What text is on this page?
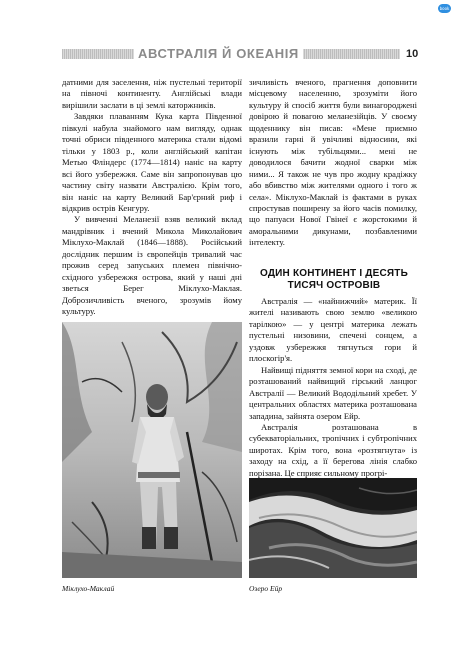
book
АВСТРАЛІЯ Й ОКЕАНІЯ	10

датними для заселення, ніж пустельні території на півночі континенту. Англійські влади вирішили заслати в ці землі каторжників.

Завдяки плаванням Кука карта Південної півкулі набула знайомого нам вигляду, однак точні обриси південного материка стали відомі тільки у 1803 р., коли англійський капітан Метью Фліндерс (1774—1814) наніс на карту всі його узбережжя. Саме він запропонував цю частину світу назвати Австралією. Крім того, він наніс на карту Великий Бар'єрний риф і відкрив острів Кенгуру.

У вивченні Меланезії взяв великий вклад мандрівник і вчений Микола Миколайович Міклухо-Маклай (1846—1888). Російський дослідник першим із європейців тривалий час прожив серед запуських племен північно-східного узбережжя острова, який у наші дні зветься Берег Міклухо-Маклая. Доброзичливість вченого, зрозумів йому культуру.

зичливість вченого, прагнення доповнити місцевому населенню, зрозуміти його культуру й спосіб життя були винагороджені довірою й повагою меланезійців. У своєму щоденнику він писав: «Мене приємно вразили гарні й увічливі відносини, які існують між тубільцями... мені не доводилося бачити жодної сварки між ними... Я також не чув про жодну крадіжку або вбивство між жителями одного і того ж села». Міклухо-Маклай із фактами в руках спростував поширену за його часів помилку, що папуаси Нової Гвінеї є жорстокими й аморальними дикунами, позбавленими інтелекту.

ОДИН КОНТИНЕНТ І ДЕСЯТЬ ТИСЯЧ ОСТРОВІВ

Австралія — «найнижчий» материк. Її жителі називають свою землю «великою тарілкою» — у центрі материка лежать пустельні низовини, спечені сонцем, а уздовж узбережжя тягнуться гори й плоскогір'я.

Найвищі підняття земної кори на сході, де розташований найвищий гірський ланцюг Австралії — Великий Вододільний хребет. У центральних областях материка розташована западина, зайнята озером Ейр.

Австралія розташована в субекваторіальних, тропічних і субтропічних широтах. Крім того, вона «розтягнута» із заходу на схід, а її берегова лінія слабко порізана. Це сприяє сильному прогрі-

Міклухо-Маклай	Озеро Ейр
